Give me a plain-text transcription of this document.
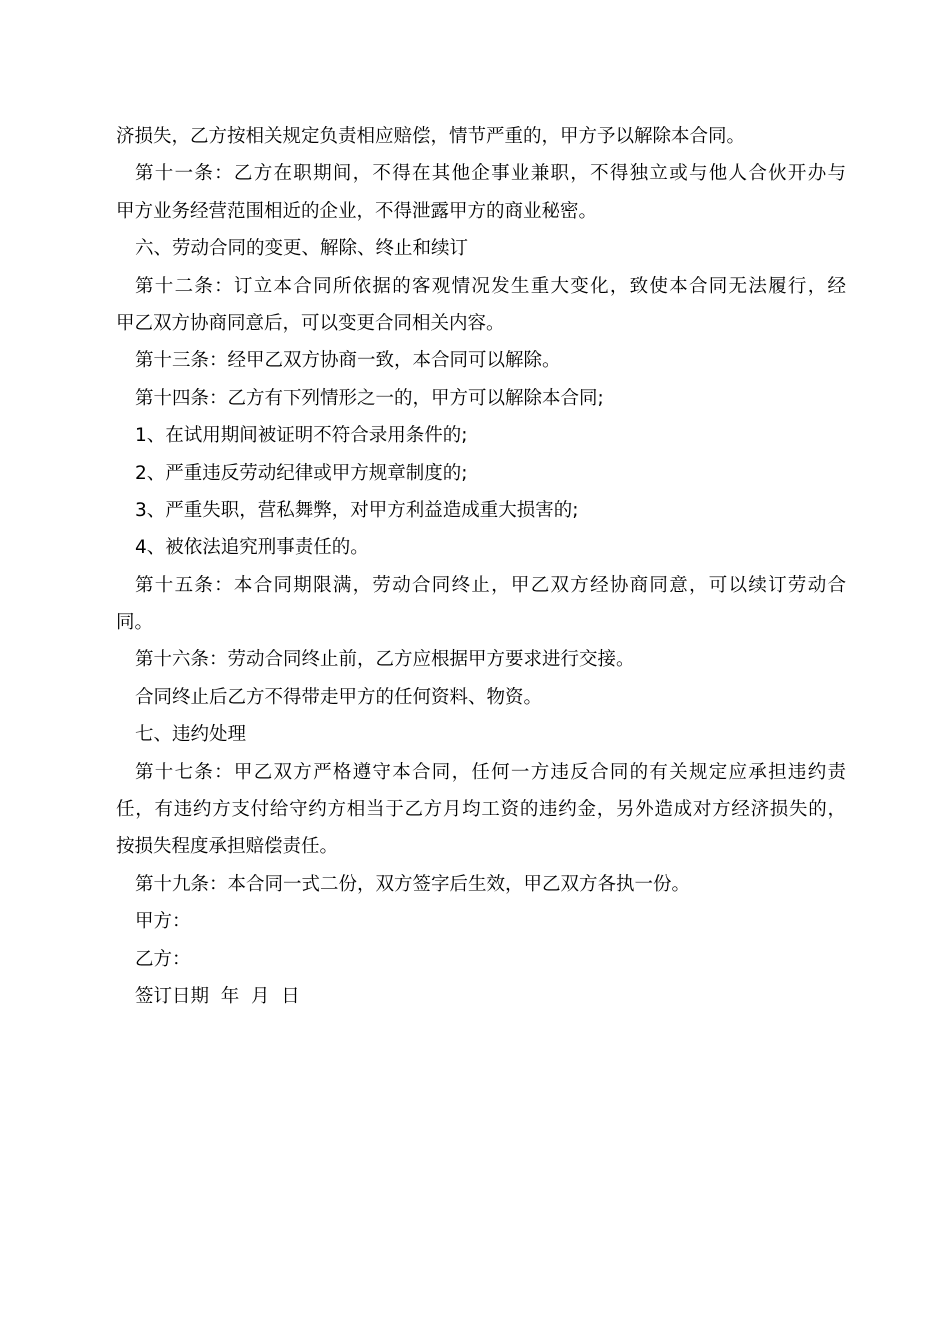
济损失，乙方按相关规定负责相应赔偿，情节严重的，甲方予以解除本合同。
第十一条：乙方在职期间，不得在其他企事业兼职，不得独立或与他人合伙开办与
甲方业务经营范围相近的企业，不得泄露甲方的商业秘密。
六、劳动合同的变更、解除、终止和续订
第十二条：订立本合同所依据的客观情况发生重大变化，致使本合同无法履行，经
甲乙双方协商同意后，可以变更合同相关内容。
第十三条：经甲乙双方协商一致，本合同可以解除。
第十四条：乙方有下列情形之一的，甲方可以解除本合同;
1、在试用期间被证明不符合录用条件的;
2、严重违反劳动纪律或甲方规章制度的;
3、严重失职，营私舞弊，对甲方利益造成重大损害的;
4、被依法追究刑事责任的。
第十五条：本合同期限满，劳动合同终止，甲乙双方经协商同意，可以续订劳动合
同。
第十六条：劳动合同终止前，乙方应根据甲方要求进行交接。
合同终止后乙方不得带走甲方的任何资料、物资。
七、违约处理
第十七条：甲乙双方严格遵守本合同，任何一方违反合同的有关规定应承担违约责
任，有违约方支付给守约方相当于乙方月均工资的违约金，另外造成对方经济损失的，
按损失程度承担赔偿责任。
第十九条：本合同一式二份，双方签字后生效，甲乙双方各执一份。
甲方：
乙方：
签订日期  年  月  日
